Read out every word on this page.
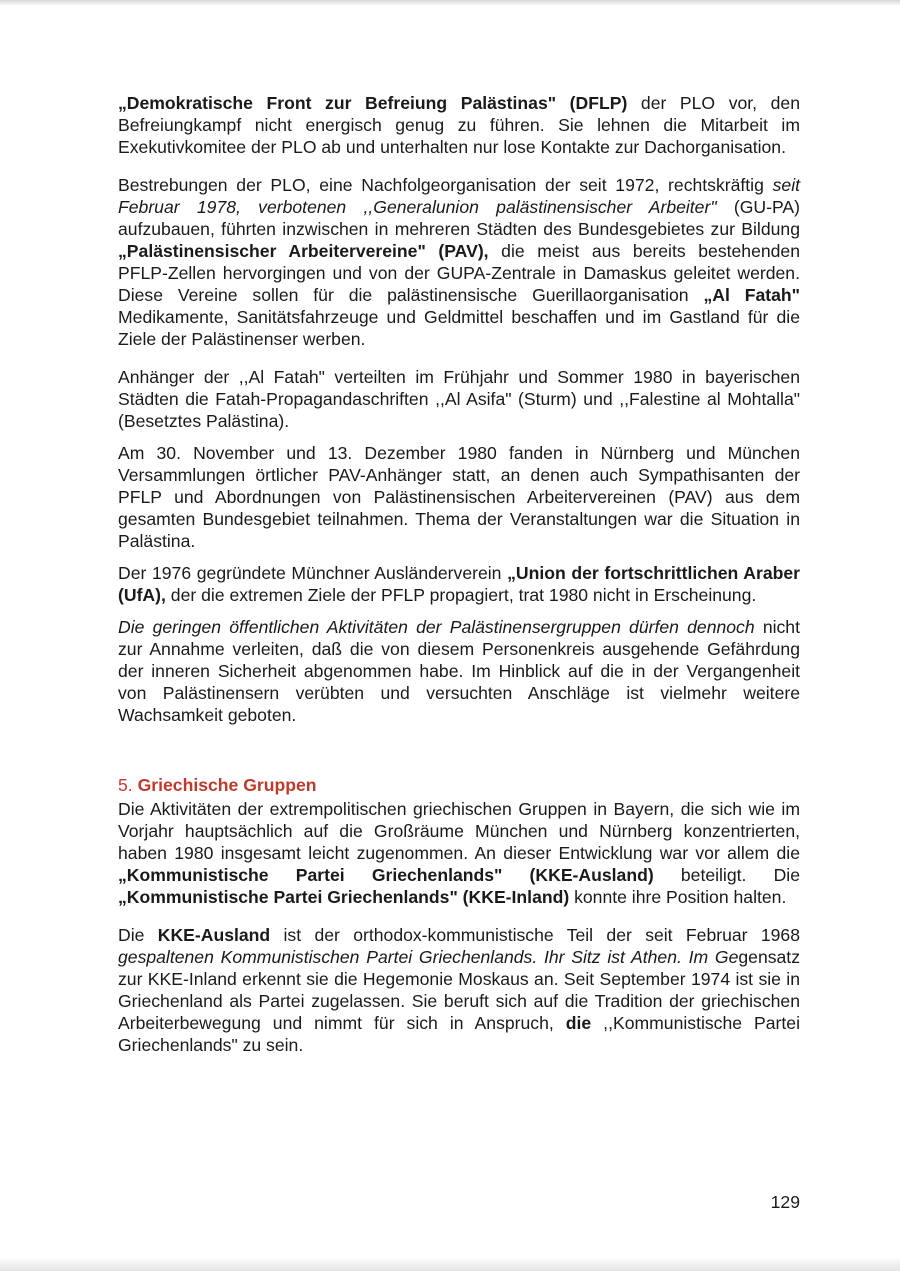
„Demokratische Front zur Befreiung Palästinas" (DFLP) der PLO vor, den Befreiungkampf nicht energisch genug zu führen. Sie lehnen die Mitarbeit im Exekutivkomitee der PLO ab und unterhalten nur lose Kontakte zur Dachorganisation.

Bestrebungen der PLO, eine Nachfolgeorganisation der seit 1972, rechtskräftig seit Februar 1978, verbotenen ,,Generalunion palästinensischer Arbeiter" (GU-PA) aufzubauen, führten inzwischen in mehreren Städten des Bundesgebietes zur Bildung „Palästinensischer Arbeitervereine" (PAV), die meist aus bereits bestehenden PFLP-Zellen hervorgingen und von der GUPA-Zentrale in Damaskus geleitet werden. Diese Vereine sollen für die palästinensische Guerillaorganisation „Al Fatah" Medikamente, Sanitätsfahrzeuge und Geldmittel beschaffen und im Gastland für die Ziele der Palästinenser werben.

Anhänger der ,,Al Fatah" verteilten im Frühjahr und Sommer 1980 in bayerischen Städten die Fatah-Propagandaschriften ,,Al Asifa" (Sturm) und ,,Falestine al Mohtalla" (Besetztes Palästina).

Am 30. November und 13. Dezember 1980 fanden in Nürnberg und München Versammlungen örtlicher PAV-Anhänger statt, an denen auch Sympathisanten der PFLP und Abordnungen von Palästinensischen Arbeitervereinen (PAV) aus dem gesamten Bundesgebiet teilnahmen. Thema der Veranstaltungen war die Situation in Palästina.

Der 1976 gegründete Münchner Ausländerverein „Union der fortschrittlichen Araber (UfA), der die extremen Ziele der PFLP propagiert, trat 1980 nicht in Erscheinung.

Die geringen öffentlichen Aktivitäten der Palästinensergruppen dürfen dennoch nicht zur Annahme verleiten, daß die von diesem Personenkreis ausgehende Gefährdung der inneren Sicherheit abgenommen habe. Im Hinblick auf die in der Vergangenheit von Palästinensern verübten und versuchten Anschläge ist vielmehr weitere Wachsamkeit geboten.

5. Griechische Gruppen

Die Aktivitäten der extrempolitischen griechischen Gruppen in Bayern, die sich wie im Vorjahr hauptsächlich auf die Großräume München und Nürnberg konzentrierten, haben 1980 insgesamt leicht zugenommen. An dieser Entwicklung war vor allem die „Kommunistische Partei Griechenlands" (KKE-Ausland) beteiligt. Die „Kommunistische Partei Griechenlands" (KKE-Inland) konnte ihre Position halten.

Die KKE-Ausland ist der orthodox-kommunistische Teil der seit Februar 1968 gespaltenen Kommunistischen Partei Griechenlands. Ihr Sitz ist Athen. Im Gegensatz zur KKE-Inland erkennt sie die Hegemonie Moskaus an. Seit September 1974 ist sie in Griechenland als Partei zugelassen. Sie beruft sich auf die Tradition der griechischen Arbeiterbewegung und nimmt für sich in Anspruch, die ,,Kommunistische Partei Griechenlands" zu sein.

129
